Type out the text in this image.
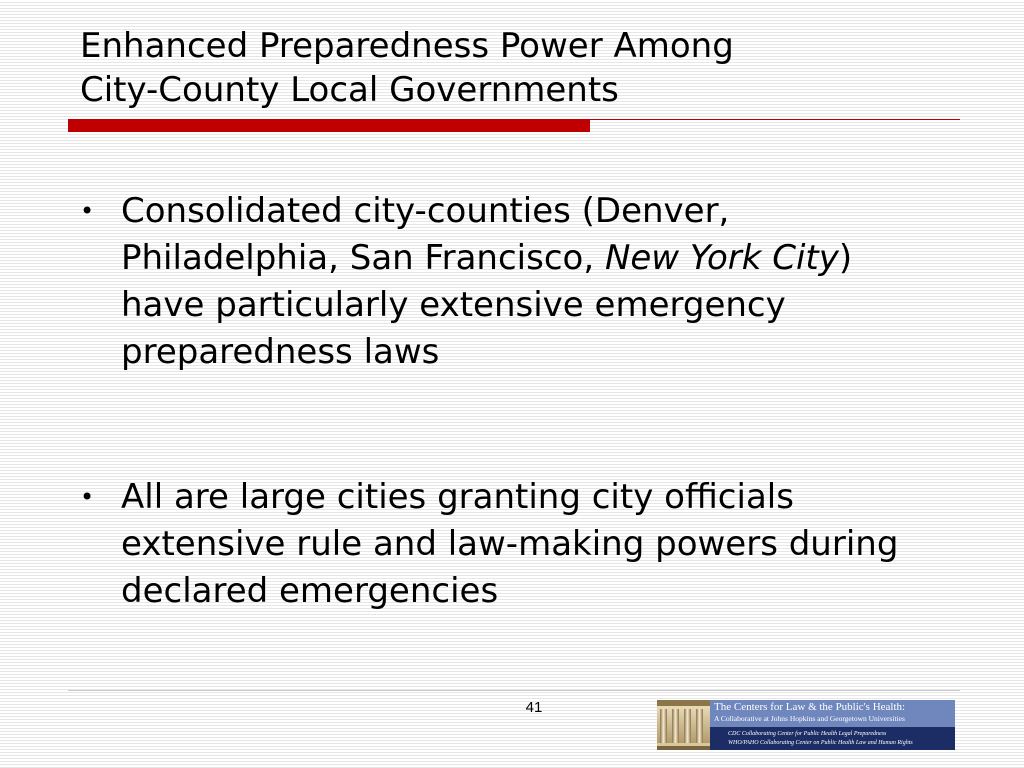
Enhanced Preparedness Power Among
City-County Local Governments
• Consolidated city-counties (Denver, Philadelphia, San Francisco, New York City) have particularly extensive emergency preparedness laws
• All are large cities granting city officials extensive rule and law-making powers during declared emergencies
41	The Centers for Law & the Public's Health:
A Collaborative at Johns Hopkins and Georgetown Universities
CDC Collaborating Center for Public Health Legal Preparedness
WHO/PAHO Collaborating Center on Public Health Law and Human Rights
